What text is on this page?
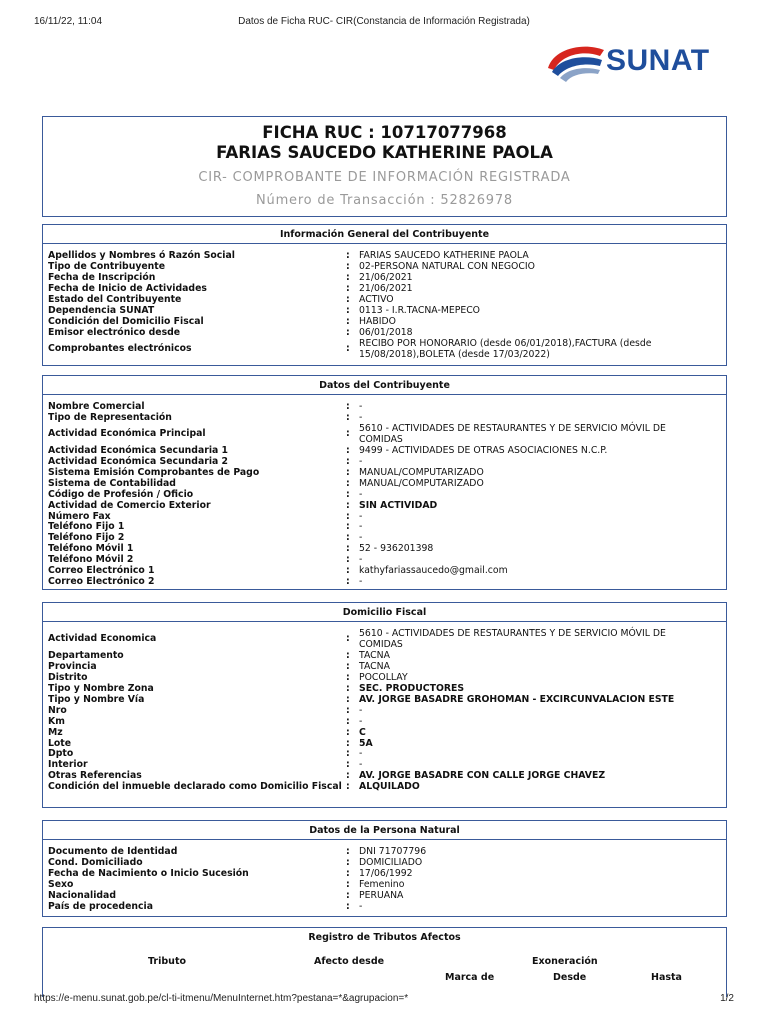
16/11/22, 11:04	Datos de Ficha RUC- CIR(Constancia de Información Registrada)
SUNAT
FICHA RUC : 10717077968
FARIAS SAUCEDO KATHERINE PAOLA
CIR- COMPROBANTE DE INFORMACIÓN REGISTRADA
Número de Transacción : 52826978
Información General del Contribuyente
Apellidos y Nombres ó Razón Social	: FARIAS SAUCEDO KATHERINE PAOLA
Tipo de Contribuyente	: 02-PERSONA NATURAL CON NEGOCIO
Fecha de Inscripción	: 21/06/2021
Fecha de Inicio de Actividades	: 21/06/2021
Estado del Contribuyente	: ACTIVO
Dependencia SUNAT	: 0113 - I.R.TACNA-MEPECO
Condición del Domicilio Fiscal	: HABIDO
Emisor electrónico desde	: 06/01/2018
Comprobantes electrónicos	: RECIBO POR HONORARIO (desde 06/01/2018),FACTURA (desde 15/08/2018),BOLETA (desde 17/03/2022)
Datos del Contribuyente
Nombre Comercial	: -
Tipo de Representación	: -
Actividad Económica Principal	: 5610 - ACTIVIDADES DE RESTAURANTES Y DE SERVICIO MÓVIL DE COMIDAS
Actividad Económica Secundaria 1	: 9499 - ACTIVIDADES DE OTRAS ASOCIACIONES N.C.P.
Actividad Económica Secundaria 2	: -
Sistema Emisión Comprobantes de Pago	: MANUAL/COMPUTARIZADO
Sistema de Contabilidad	: MANUAL/COMPUTARIZADO
Código de Profesión / Oficio	: -
Actividad de Comercio Exterior	: SIN ACTIVIDAD
Número Fax	: -
Teléfono Fijo 1	: -
Teléfono Fijo 2	: -
Teléfono Móvil 1	: 52 - 936201398
Teléfono Móvil 2	: -
Correo Electrónico 1	: kathyfariassaucedo@gmail.com
Correo Electrónico 2	: -
Domicilio Fiscal
Actividad Economica	: 5610 - ACTIVIDADES DE RESTAURANTES Y DE SERVICIO MÓVIL DE COMIDAS
Departamento	: TACNA
Provincia	: TACNA
Distrito	: POCOLLAY
Tipo y Nombre Zona	: SEC. PRODUCTORES
Tipo y Nombre Vía	: AV. JORGE BASADRE GROHOMAN - EXCIRCUNVALACION ESTE
Nro	: -
Km	: -
Mz	: C
Lote	: 5A
Dpto	: -
Interior	: -
Otras Referencias	: AV. JORGE BASADRE CON CALLE JORGE CHAVEZ
Condición del inmueble declarado como Domicilio Fiscal : ALQUILADO
Datos de la Persona Natural
Documento de Identidad	: DNI 71707796
Cond. Domiciliado	: DOMICILIADO
Fecha de Nacimiento o Inicio Sucesión	: 17/06/1992
Sexo	: Femenino
Nacionalidad	: PERUANA
País de procedencia	: -
Registro de Tributos Afectos
Tributo	Afecto desde	Exoneración
Marca de	Desde	Hasta
https://e-menu.sunat.gob.pe/cl-ti-itmenu/MenuInternet.htm?pestana=*&agrupacion=*	1/2
